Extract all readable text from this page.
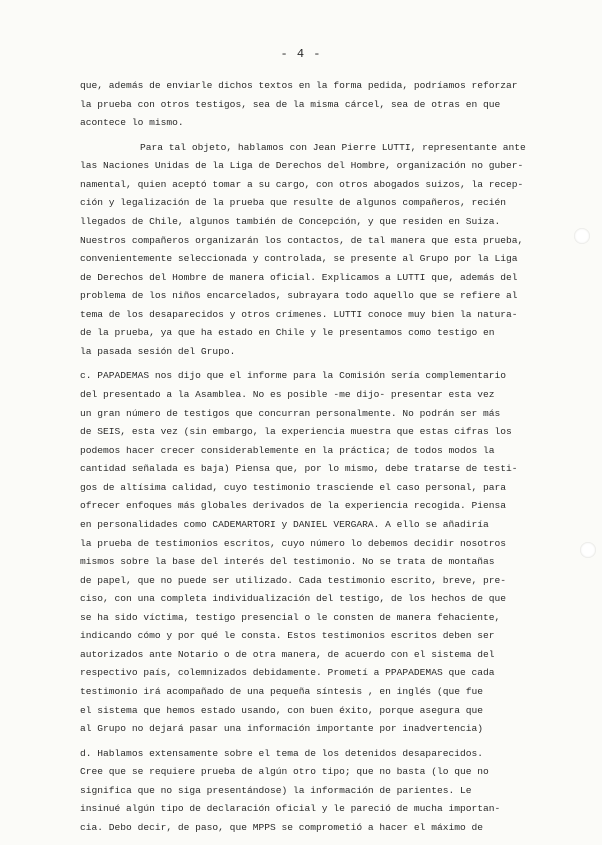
- 4 -
que, además de enviarle dichos textos en la forma pedida, podríamos reforzar
la prueba con otros testigos, sea de la misma cárcel, sea de otras en que
acontece lo mismo.
Para tal objeto, hablamos con Jean Pierre LUTTI, representante ante
las Naciones Unidas de la Liga de Derechos del Hombre, organización no guber-
namental, quien aceptó tomar a su cargo, con otros abogados suizos, la recep-
ción y legalización de la prueba que resulte de algunos compañeros, recién
llegados de Chile, algunos también de Concepción, y que residen en Suiza.
Nuestros compañeros organizarán los contactos, de tal manera que esta prueba,
convenientemente seleccionada y controlada, se presente al Grupo por la Liga
de Derechos del Hombre de manera oficial. Explicamos a LUTTI que, además del
problema de los niños encarcelados, subrayara todo aquello que se refiere al
tema de los desaparecidos y otros crímenes. LUTTI conoce muy bien la natura-
de la prueba, ya que ha estado en Chile y le presentamos como testigo en
la pasada sesión del Grupo.
c. PAPADEMAS nos dijo que el informe para la Comisión sería complementario
del presentado a la Asamblea. No es posible -me dijo- presentar esta vez
un gran número de testigos que concurran personalmente. No podrán ser más
de SEIS, esta vez (sin embargo, la experiencia muestra que estas cifras los
podemos hacer crecer considerablemente en la práctica; de todos modos la
cantidad señalada es baja) Piensa que, por lo mismo, debe tratarse de testi-
gos de altísima calidad, cuyo testimonio trasciende el caso personal, para
ofrecer enfoques más globales derivados de la experiencia recogida. Piensa
en personalidades como CADEMARTORI y DANIEL VERGARA. A ello se añadiría
la prueba de testimonios escritos, cuyo número lo debemos decidir nosotros
mismos sobre la base del interés del testimonio. No se trata de montañas
de papel, que no puede ser utilizado. Cada testimonio escrito, breve, pre-
ciso, con una completa individualización del testigo, de los hechos de que
se ha sido víctima, testigo presencial o le consten de manera fehaciente,
indicando cómo y por qué le consta. Estos testimonios escritos deben ser
autorizados ante Notario o de otra manera, de acuerdo con el sistema del
respectivo país, colemnizados debidamente. Prometí a PPAPADEMAS que cada
testimonio irá acompañado de una pequeña síntesis , en inglés (que fue
el sistema que hemos estado usando, con buen éxito, porque asegura que
al Grupo no dejará pasar una información importante por inadvertencia)
d. Hablamos extensamente sobre el tema de los detenidos desaparecidos.
Cree que se requiere prueba de algún otro tipo; que no basta (lo que no
significa que no siga presentándose) la información de parientes. Le
insinué algún tipo de declaración oficial y le pareció de mucha importan-
cia. Debo decir, de paso, que MPPS se comprometió a hacer el máximo de
